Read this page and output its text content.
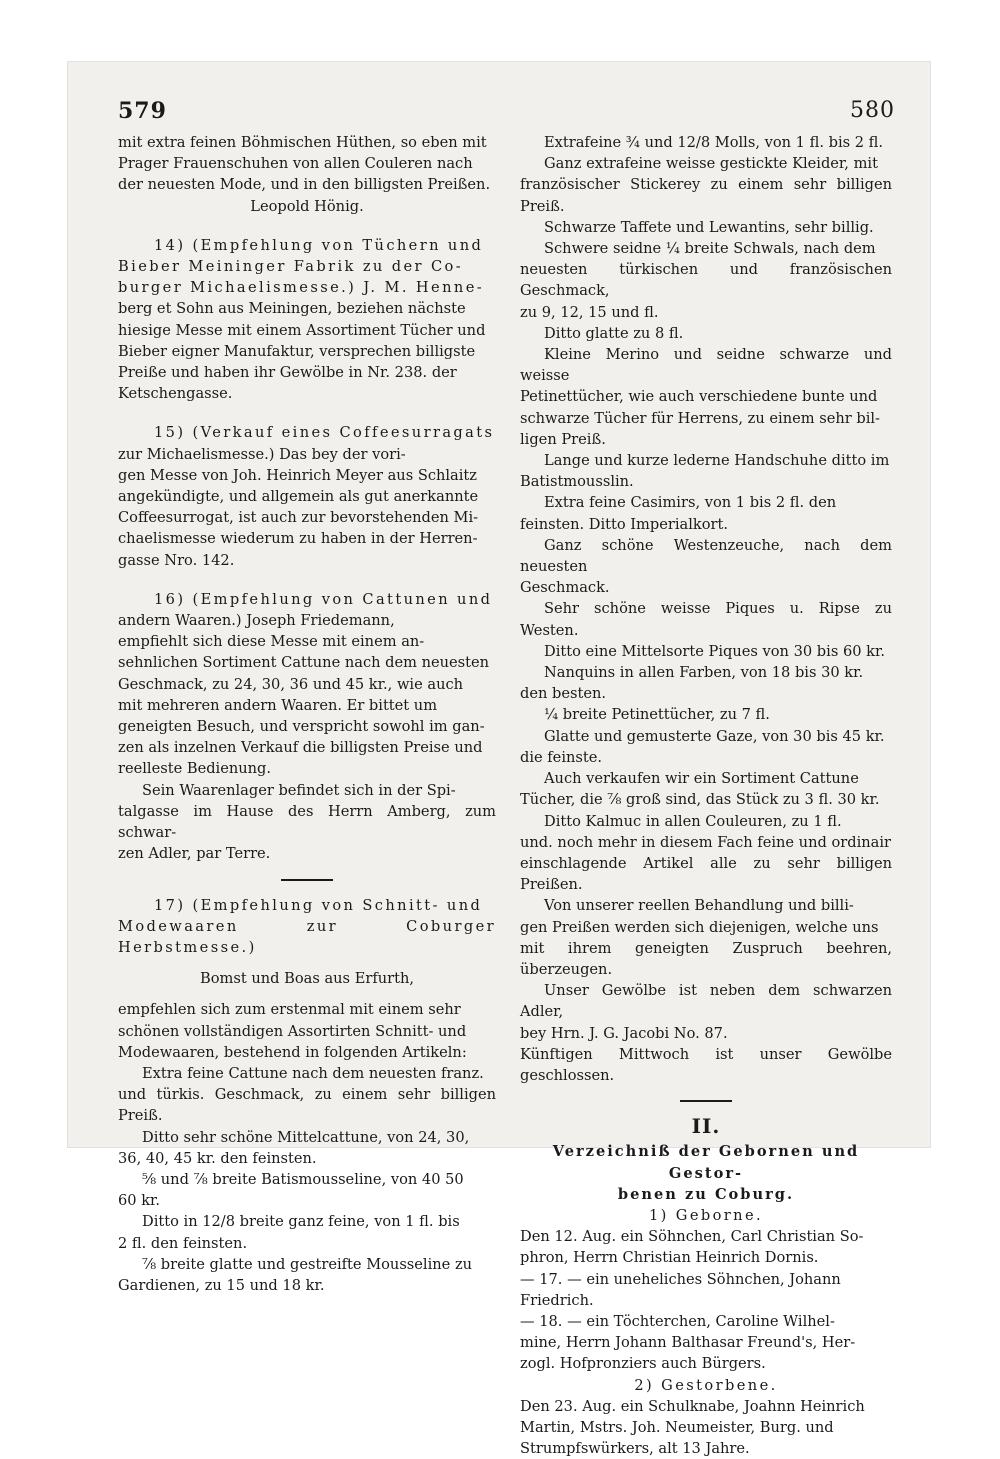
579	580

mit extra feinen Böhmischen Hüthen, so eben mit

Prager Frauenschuhen von allen Couleren nach

der neuesten Mode, und in den billigsten Preißen.

Leopold Hönig.

14) (Empfehlung von Tüchern und

Bieber Meininger Fabrik zu der Co-

burger Michaelismesse.) J. M. Henne-

berg et Sohn aus Meiningen, beziehen nächste

hiesige Messe mit einem Assortiment Tücher und

Bieber eigner Manufaktur, versprechen billigste

Preiße und haben ihr Gewölbe in Nr. 238. der

Ketschengasse.

15) (Verkauf eines Coffeesurragats

zur Michaelismesse.) Das bey der vori-

gen Messe von Joh. Heinrich Meyer aus Schlaitz

angekündigte, und allgemein als gut anerkannte

Coffeesurrogat, ist auch zur bevorstehenden Mi-

chaelismesse wiederum zu haben in der Herren-

gasse Nro. 142.

16) (Empfehlung von Cattunen und

andern Waaren.) Joseph Friedemann,

empfiehlt sich diese Messe mit einem an-

sehnlichen Sortiment Cattune nach dem neuesten

Geschmack, zu 24, 30, 36 und 45 kr., wie auch

mit mehreren andern Waaren. Er bittet um

geneigten Besuch, und verspricht sowohl im gan-

zen als inzelnen Verkauf die billigsten Preise und

reelleste Bedienung.

Sein Waarenlager befindet sich in der Spi-

talgasse im Hause des Herrn Amberg, zum schwar-

zen Adler, par Terre.

17) (Empfehlung von Schnitt- und

Modewaaren zur Coburger Herbstmesse.)

Bomst und Boas aus Erfurth,

empfehlen sich zum erstenmal mit einem sehr

schönen vollständigen Assortirten Schnitt- und

Modewaaren, bestehend in folgenden Artikeln:

Extra feine Cattune nach dem neuesten franz.

und türkis. Geschmack, zu einem sehr billigen Preiß.

Ditto sehr schöne Mittelcattune, von 24, 30,

36, 40, 45 kr. den feinsten.

⅝ und ⅞ breite Batismousseline, von 40 50

60 kr.

Ditto in 12/8 breite ganz feine, von 1 fl. bis

2 fl. den feinsten.

⅞ breite glatte und gestreifte Mousseline zu

Gardienen, zu 15 und 18 kr.

Extrafeine ¾ und 12/8 Molls, von 1 fl. bis 2 fl.

Ganz extrafeine weisse gestickte Kleider, mit

französischer Stickerey zu einem sehr billigen Preiß.

Schwarze Taffete und Lewantins, sehr billig.

Schwere seidne ¼ breite Schwals, nach dem

neuesten türkischen und französischen Geschmack,

zu 9, 12, 15 und fl.

Ditto glatte zu 8 fl.

Kleine Merino und seidne schwarze und weisse

Petinettücher, wie auch verschiedene bunte und

schwarze Tücher für Herrens, zu einem sehr bil-

ligen Preiß.

Lange und kurze lederne Handschuhe ditto im

Batistmousslin.

Extra feine Casimirs, von 1 bis 2 fl. den

feinsten. Ditto Imperialkort.

Ganz schöne Westenzeuche, nach dem neuesten

Geschmack.

Sehr schöne weisse Piques u. Ripse zu Westen.

Ditto eine Mittelsorte Piques von 30 bis 60 kr.

Nanquins in allen Farben, von 18 bis 30 kr.

den besten.

¼ breite Petinettücher, zu 7 fl.

Glatte und gemusterte Gaze, von 30 bis 45 kr.

die feinste.

Auch verkaufen wir ein Sortiment Cattune

Tücher, die ⅞ groß sind, das Stück zu 3 fl. 30 kr.

Ditto Kalmuc in allen Couleuren, zu 1 fl.

und. noch mehr in diesem Fach feine und ordinair

einschlagende Artikel alle zu sehr billigen Preißen.

Von unserer reellen Behandlung und billi-

gen Preißen werden sich diejenigen, welche uns

mit ihrem geneigten Zuspruch beehren, überzeugen.

Unser Gewölbe ist neben dem schwarzen Adler,

bey Hrn. J. G. Jacobi No. 87.

Künftigen Mittwoch ist unser Gewölbe geschlossen.

II.

Verzeichniß der Gebornen und Gestor-

benen zu Coburg.

1) Geborne.

Den 12. Aug. ein Söhnchen, Carl Christian So-

phron, Herrn Christian Heinrich Dornis.

— 17. — ein uneheliches Söhnchen, Johann

Friedrich.

— 18. — ein Töchterchen, Caroline Wilhel-

mine, Herrn Johann Balthasar Freund's, Her-

zogl. Hofpronziers auch Bürgers.

2) Gestorbene.

Den 23. Aug. ein Schulknabe, Joahnn Heinrich

Martin, Mstrs. Joh. Neumeister, Burg. und

Strumpfswürkers, alt 13 Jahre.
